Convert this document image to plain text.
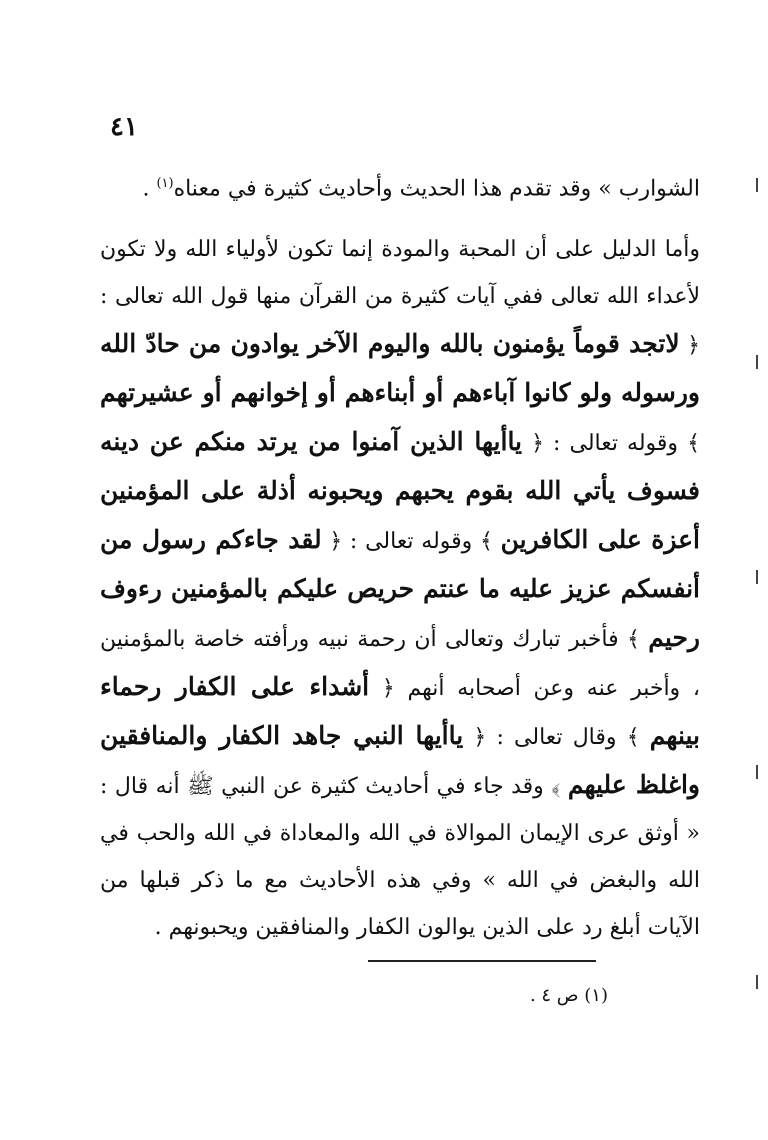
٤١

الشوارب » وقد تقدم هذا الحديث وأحاديث كثيرة في معناه$^{(١)}$ .

وأما الدليل على أن المحبة والمودة إنما تكون لأولياء الله ولا تكون لأعداء الله تعالى ففي آيات كثيرة من القرآن منها قول الله تعالى : ﴿ لاتجد قوماً يؤمنون بالله واليوم الآخر يوادون من حادّ الله ورسوله ولو كانوا آباءهم أو أبناءهم أو إخوانهم أو عشيرتهم ﴾ وقوله تعالى : ﴿ ياأيها الذين آمنوا من يرتد منكم عن دينه فسوف يأتي الله بقوم يحبهم ويحبونه أذلة على المؤمنين أعزة على الكافرين ﴾ وقوله تعالى : ﴿ لقد جاءكم رسول من أنفسكم عزيز عليه ما عنتم حريص عليكم بالمؤمنين رءوف رحيم ﴾ فأخبر تبارك وتعالى أن رحمة نبيه ورأفته خاصة بالمؤمنين ، وأخبر عنه وعن أصحابه أنهم ﴿ أشداء على الكفار رحماء بينهم ﴾ وقال تعالى : ﴿ ياأيها النبي جاهد الكفار والمنافقين واغلظ عليهم ﴾ وقد جاء في أحاديث كثيرة عن النبي ﷺ أنه قال : « أوثق عرى الإيمان الموالاة في الله والمعاداة في الله والحب في الله والبغض في الله » وفي هذه الأحاديث مع ما ذكر قبلها من الآيات أبلغ رد على الذين يوالون الكفار والمنافقين ويحبونهم .

(١) ص ٤ .
